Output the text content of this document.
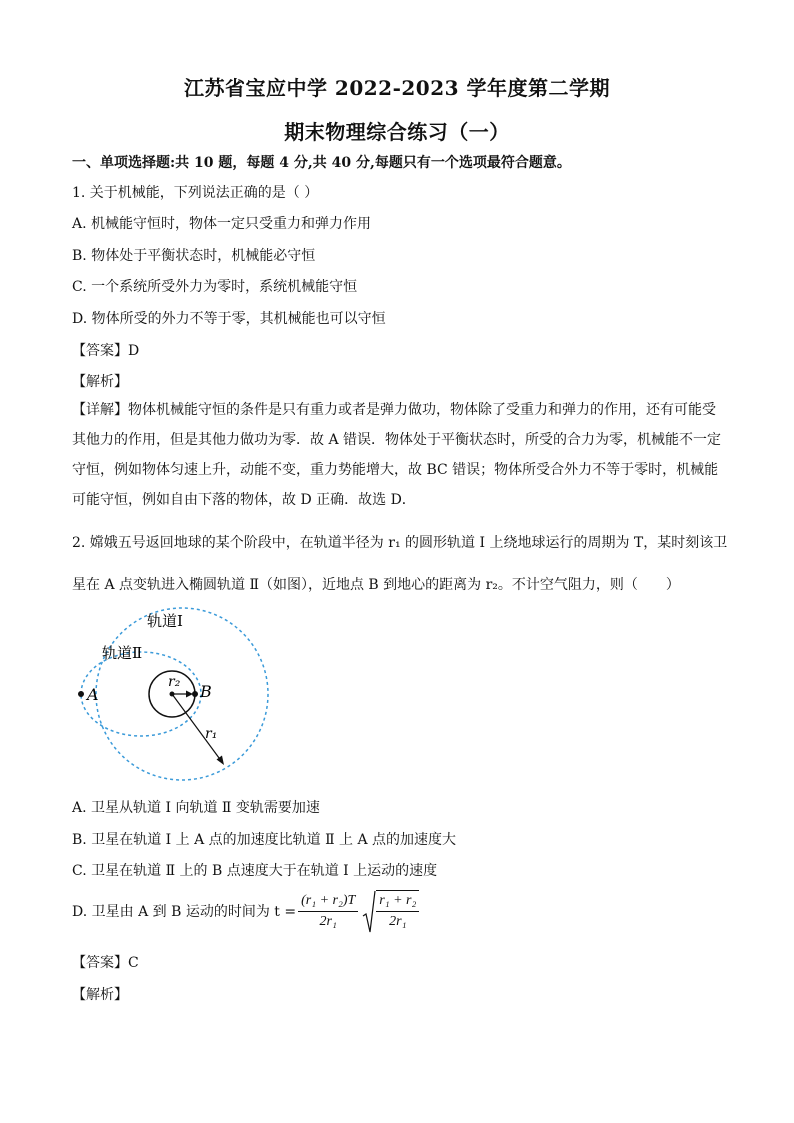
江苏省宝应中学 2022-2023 学年度第二学期
期末物理综合练习（一）
一、单项选择题:共 10 题，每题 4 分,共 40 分,每题只有一个选项最符合题意。
1. 关于机械能，下列说法正确的是（ ）
A. 机械能守恒时，物体一定只受重力和弹力作用
B. 物体处于平衡状态时，机械能必守恒
C. 一个系统所受外力为零时，系统机械能守恒
D. 物体所受的外力不等于零，其机械能也可以守恒
【答案】D
【解析】
【详解】物体机械能守恒的条件是只有重力或者是弹力做功，物体除了受重力和弹力的作用，还有可能受其他力的作用，但是其他力做功为零．故 A 错误．物体处于平衡状态时，所受的合力为零，机械能不一定守恒，例如物体匀速上升，动能不变，重力势能增大，故 BC 错误；物体所受合外力不等于零时，机械能可能守恒，例如自由下落的物体，故 D 正确．故选 D．
2. 嫦娥五号返回地球的某个阶段中，在轨道半径为 r₁ 的圆形轨道 Ⅰ 上绕地球运行的周期为 T，某时刻该卫
星在 A 点变轨进入椭圆轨道 Ⅱ（如图），近地点 B 到地心的距离为 r₂。不计空气阻力，则（　　）
轨道Ⅰ
轨道Ⅱ
A	B
r₂
r₁
A. 卫星从轨道 Ⅰ 向轨道 Ⅱ 变轨需要加速
B. 卫星在轨道 Ⅰ 上 A 点的加速度比轨道 Ⅱ 上 A 点的加速度大
C. 卫星在轨道 Ⅱ 上的 B 点速度大于在轨道 Ⅰ 上运动的速度
D. 卫星由 A 到 B 运动的时间为 $t = \frac{\text{(r₁ + r₂)T}}{\text{2r₁}} \frac{\text{r₁ + r₂}}{\text{2r₁}}$
【答案】C
【解析】
